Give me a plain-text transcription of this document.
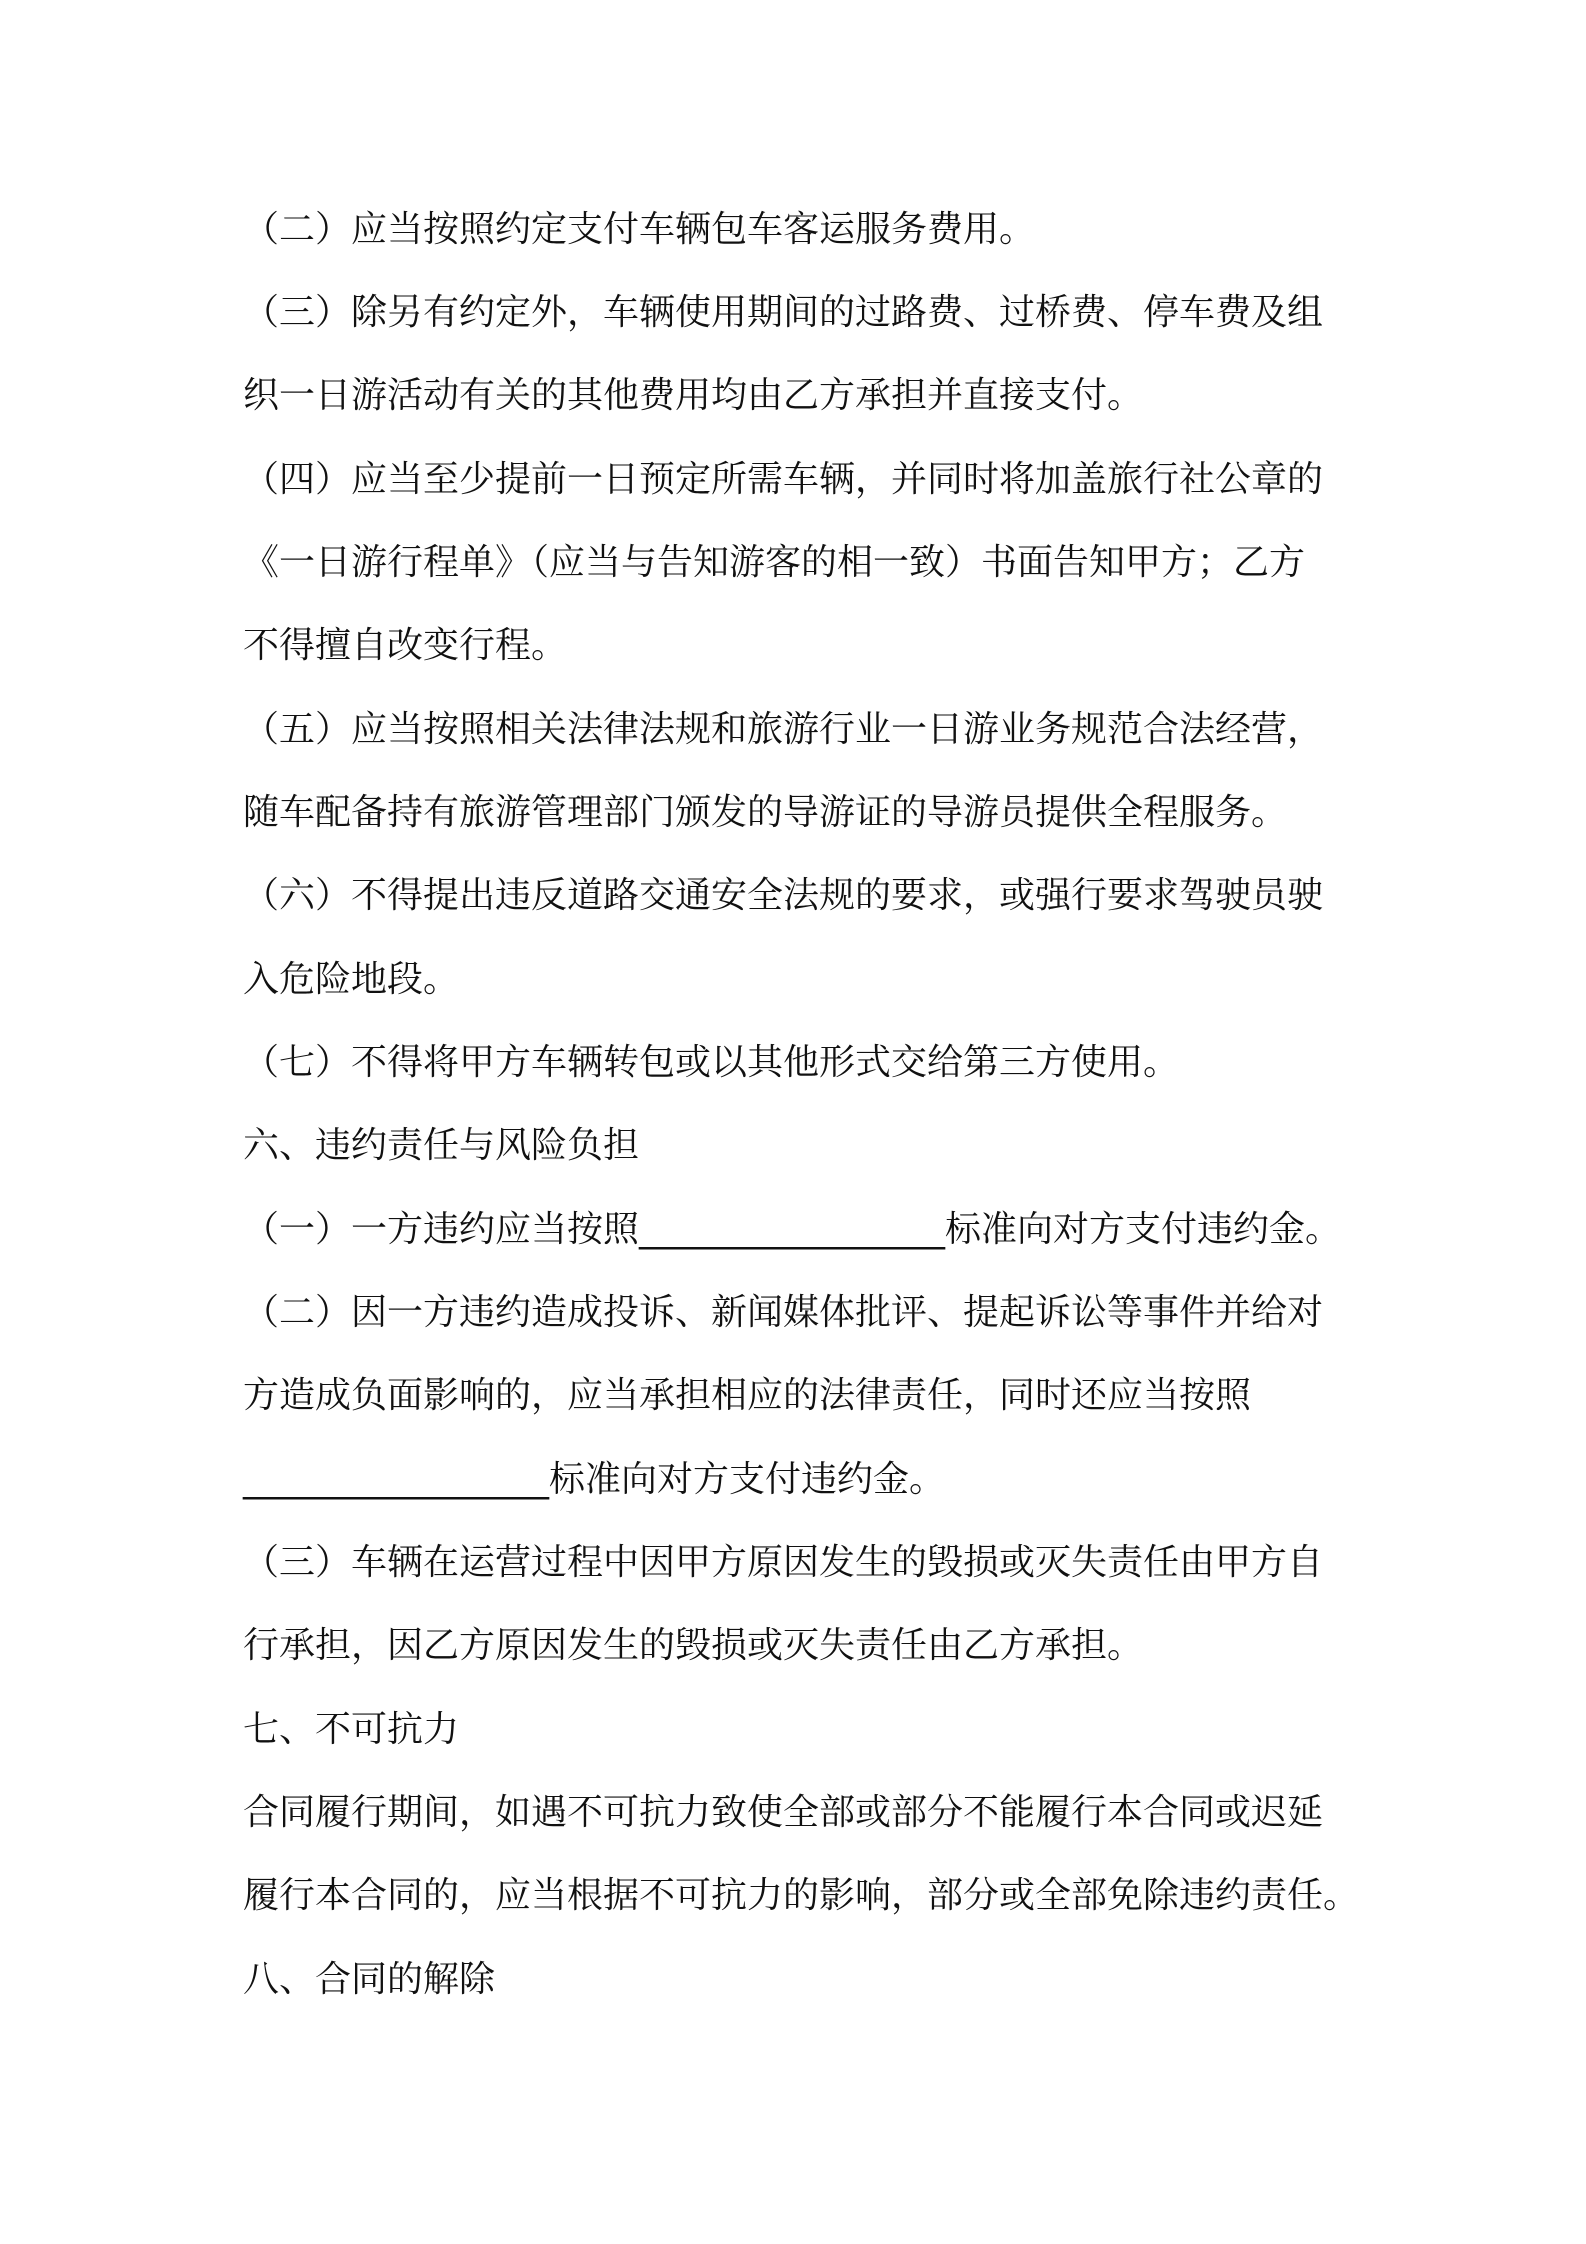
（二）应当按照约定支付车辆包车客运服务费用。

（三）除另有约定外，车辆使用期间的过路费、过桥费、停车费及组

织一日游活动有关的其他费用均由乙方承担并直接支付。

（四）应当至少提前一日预定所需车辆，并同时将加盖旅行社公章的

《一日游行程单》（应当与告知游客的相一致）书面告知甲方；乙方

不得擅自改变行程。

（五）应当按照相关法律法规和旅游行业一日游业务规范合法经营，

随车配备持有旅游管理部门颁发的导游证的导游员提供全程服务。

（六）不得提出违反道路交通安全法规的要求，或强行要求驾驶员驶

入危险地段。

（七）不得将甲方车辆转包或以其他形式交给第三方使用。

六、违约责任与风险负担

（一）一方违约应当按照_________________标准向对方支付违约金。

（二）因一方违约造成投诉、新闻媒体批评、提起诉讼等事件并给对

方造成负面影响的，应当承担相应的法律责任，同时还应当按照

_________________标准向对方支付违约金。

（三）车辆在运营过程中因甲方原因发生的毁损或灭失责任由甲方自

行承担，因乙方原因发生的毁损或灭失责任由乙方承担。

七、不可抗力

合同履行期间，如遇不可抗力致使全部或部分不能履行本合同或迟延

履行本合同的，应当根据不可抗力的影响，部分或全部免除违约责任。

八、合同的解除
